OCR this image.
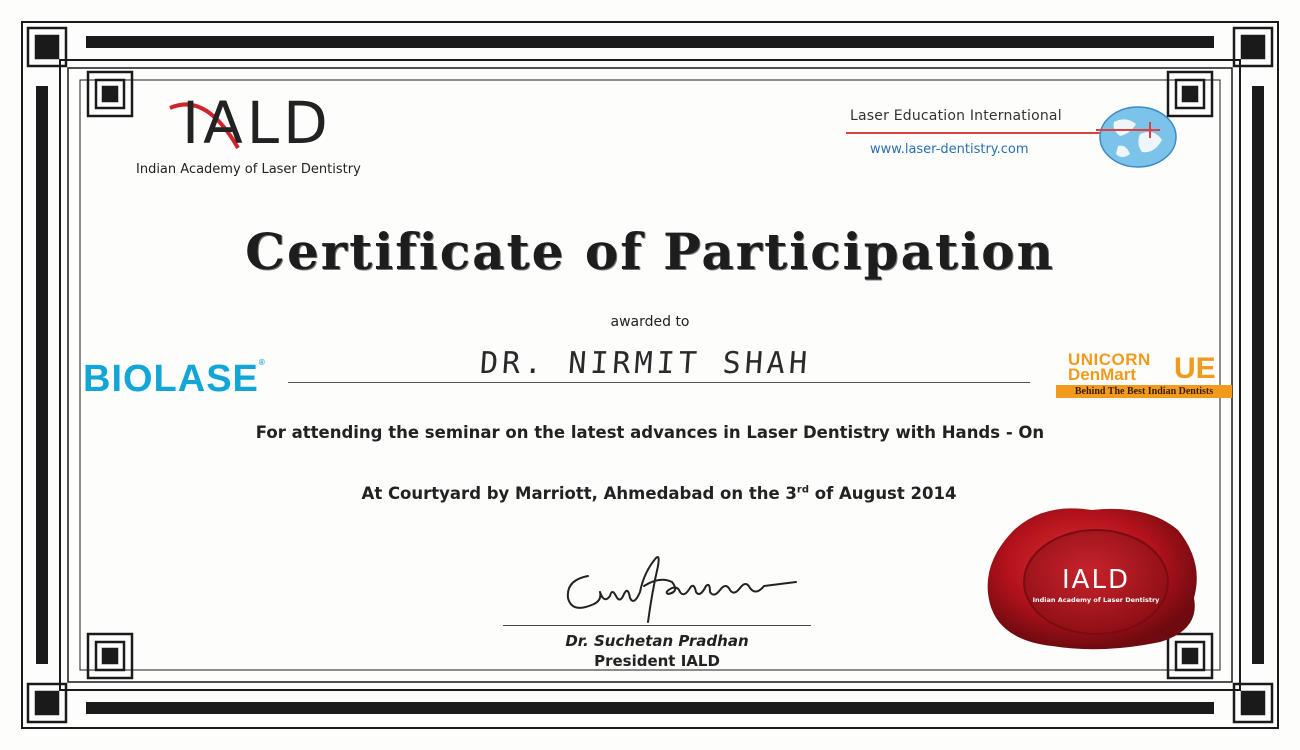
IALD
Indian Academy of Laser Dentistry
Laser Education International
www.laser-dentistry.com
Certificate of Participation
awarded to
BIOLASE®	DR. NIRMIT SHAH	UNICORN
DenMart UE
Behind The Best Indian Dentists
For attending the seminar on the latest advances in Laser Dentistry with Hands - On
At Courtyard by Marriott, Ahmedabad on the 3rd of August 2014
Dr. Suchetan Pradhan
President IALD
IALD
Indian Academy of Laser Dentistry
